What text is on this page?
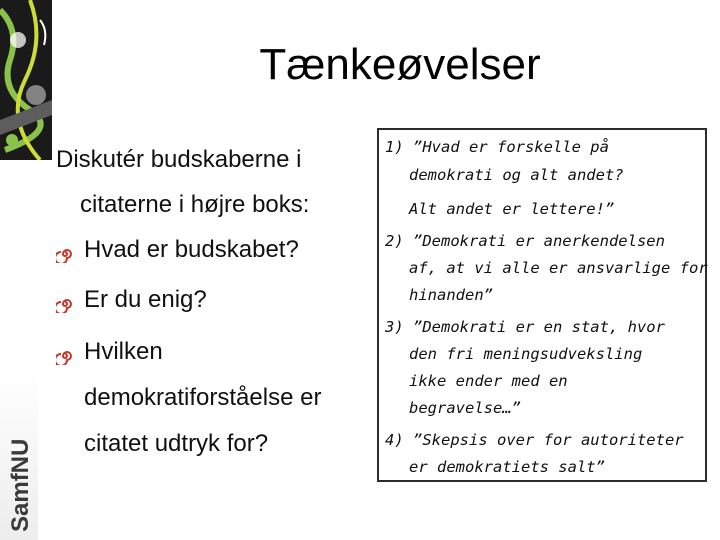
SamfNU
Tænkeøvelser
Diskutér budskaberne i
citaterne i højre boks:
Hvad er budskabet?
Er du enig?
Hvilken
demokratiforståelse er
citatet udtryk for?
1) ”Hvad er forskelle på
demokrati og alt andet?
Alt andet er lettere!”
2) ”Demokrati er anerkendelsen
af, at vi alle er ansvarlige for
hinanden”
3) ”Demokrati er en stat, hvor
den fri meningsudveksling
ikke ender med en
begravelse…”
4) ”Skepsis over for autoriteter
er demokratiets salt”
